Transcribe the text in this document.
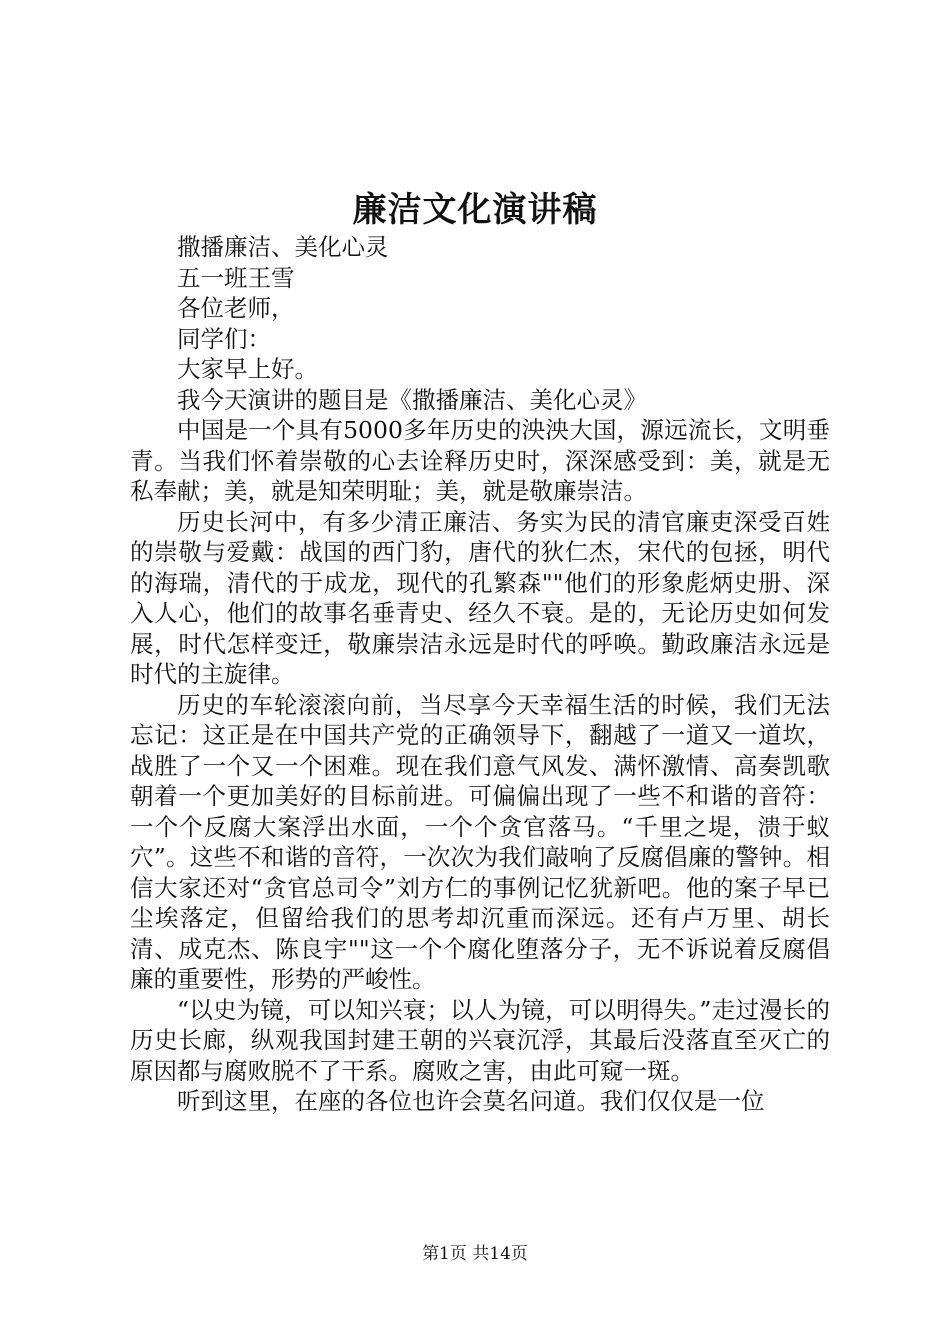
廉洁文化演讲稿
撒播廉洁、美化心灵
五一班王雪
各位老师，
同学们：
大家早上好。
我今天演讲的题目是《撒播廉洁、美化心灵》

中国是一个具有5000多年历史的泱泱大国，源远流长，文明垂青。当我们怀着崇敬的心去诠释历史时，深深感受到：美，就是无私奉献；美，就是知荣明耻；美，就是敬廉崇洁。

历史长河中，有多少清正廉洁、务实为民的清官廉吏深受百姓的崇敬与爱戴：战国的西门豹，唐代的狄仁杰，宋代的包拯，明代的海瑞，清代的于成龙，现代的孔繁森""他们的形象彪炳史册、深入人心，他们的故事名垂青史、经久不衰。是的，无论历史如何发展，时代怎样变迁，敬廉崇洁永远是时代的呼唤。勤政廉洁永远是时代的主旋律。

历史的车轮滚滚向前，当尽享今天幸福生活的时候，我们无法忘记：这正是在中国共产党的正确领导下，翻越了一道又一道坎，战胜了一个又一个困难。现在我们意气风发、满怀激情、高奏凯歌朝着一个更加美好的目标前进。可偏偏出现了一些不和谐的音符：一个个反腐大案浮出水面，一个个贪官落马。“千里之堤，溃于蚁穴”。这些不和谐的音符，一次次为我们敲响了反腐倡廉的警钟。相信大家还对“贪官总司令”刘方仁的事例记忆犹新吧。他的案子早已尘埃落定，但留给我们的思考却沉重而深远。还有卢万里、胡长清、成克杰、陈良宇""这一个个腐化堕落分子，无不诉说着反腐倡廉的重要性，形势的严峻性。

“以史为镜，可以知兴衰；以人为镜，可以明得失。”走过漫长的历史长廊，纵观我国封建王朝的兴衰沉浮，其最后没落直至灭亡的原因都与腐败脱不了干系。腐败之害，由此可窥一斑。

听到这里，在座的各位也许会莫名问道。我们仅仅是一位

第1页 共14页
